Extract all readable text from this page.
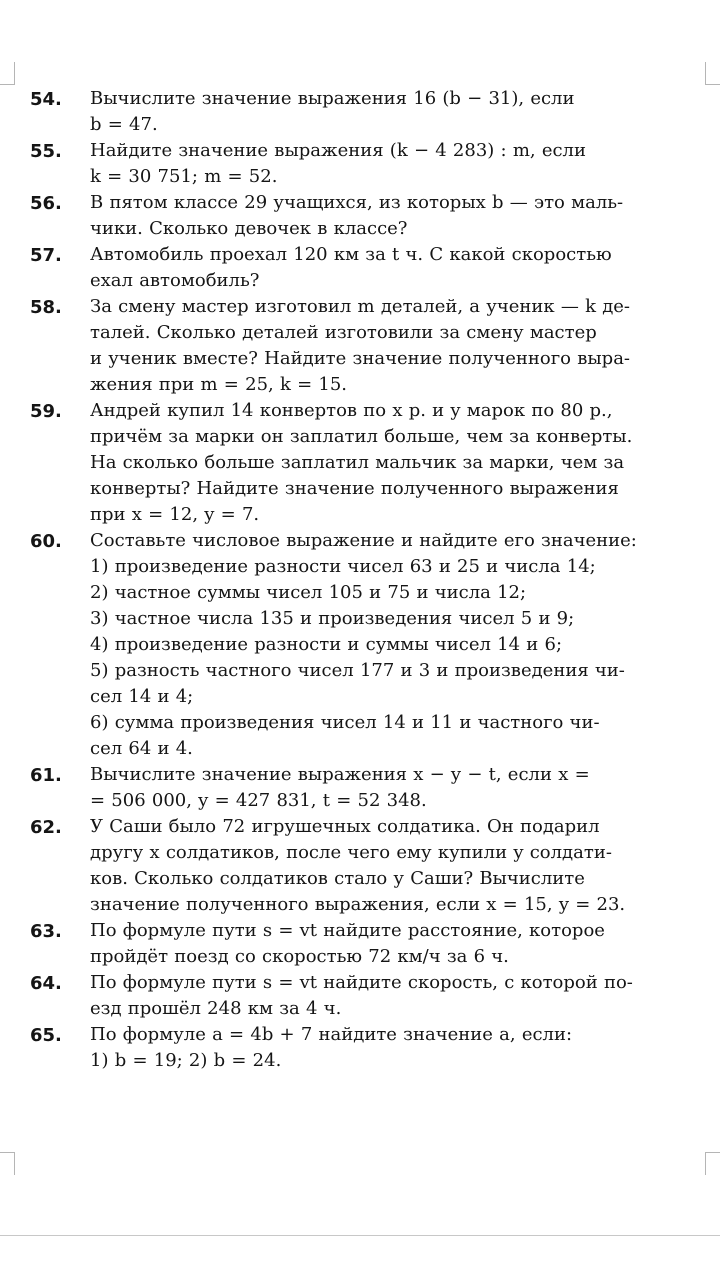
54.	Вычислите значение выражения 16 (b − 31), если
b = 47.
55.	Найдите значение выражения (k − 4 283) : m, если
k = 30 751; m = 52.
56.	В пятом классе 29 учащихся, из которых b — это маль-
чики. Сколько девочек в классе?
57.	Автомобиль проехал 120 км за t ч. С какой скоростью
ехал автомобиль?
58.	За смену мастер изготовил m деталей, а ученик — k де-
талей. Сколько деталей изготовили за смену мастер
и ученик вместе? Найдите значение полученного выра-
жения при m = 25, k = 15.
59.	Андрей купил 14 конвертов по x р. и y марок по 80 р.,
причём за марки он заплатил больше, чем за конверты.
На сколько больше заплатил мальчик за марки, чем за
конверты? Найдите значение полученного выражения
при x = 12, y = 7.
60.	Составьте числовое выражение и найдите его значение:
1) произведение разности чисел 63 и 25 и числа 14;
2) частное суммы чисел 105 и 75 и числа 12;
3) частное числа 135 и произведения чисел 5 и 9;
4) произведение разности и суммы чисел 14 и 6;
5) разность частного чисел 177 и 3 и произведения чи-
сел 14 и 4;
6) сумма произведения чисел 14 и 11 и частного чи-
сел 64 и 4.
61.	Вычислите значение выражения x − y − t, если x =
= 506 000, y = 427 831, t = 52 348.
62.	У Саши было 72 игрушечных солдатика. Он подарил
другу x солдатиков, после чего ему купили y солдати-
ков. Сколько солдатиков стало у Саши? Вычислите
значение полученного выражения, если x = 15, y = 23.
63.	По формуле пути s = vt найдите расстояние, которое
пройдёт поезд со скоростью 72 км/ч за 6 ч.
64.	По формуле пути s = vt найдите скорость, с которой по-
езд прошёл 248 км за 4 ч.
65.	По формуле a = 4b + 7 найдите значение a, если:
1) b = 19; 2) b = 24.
